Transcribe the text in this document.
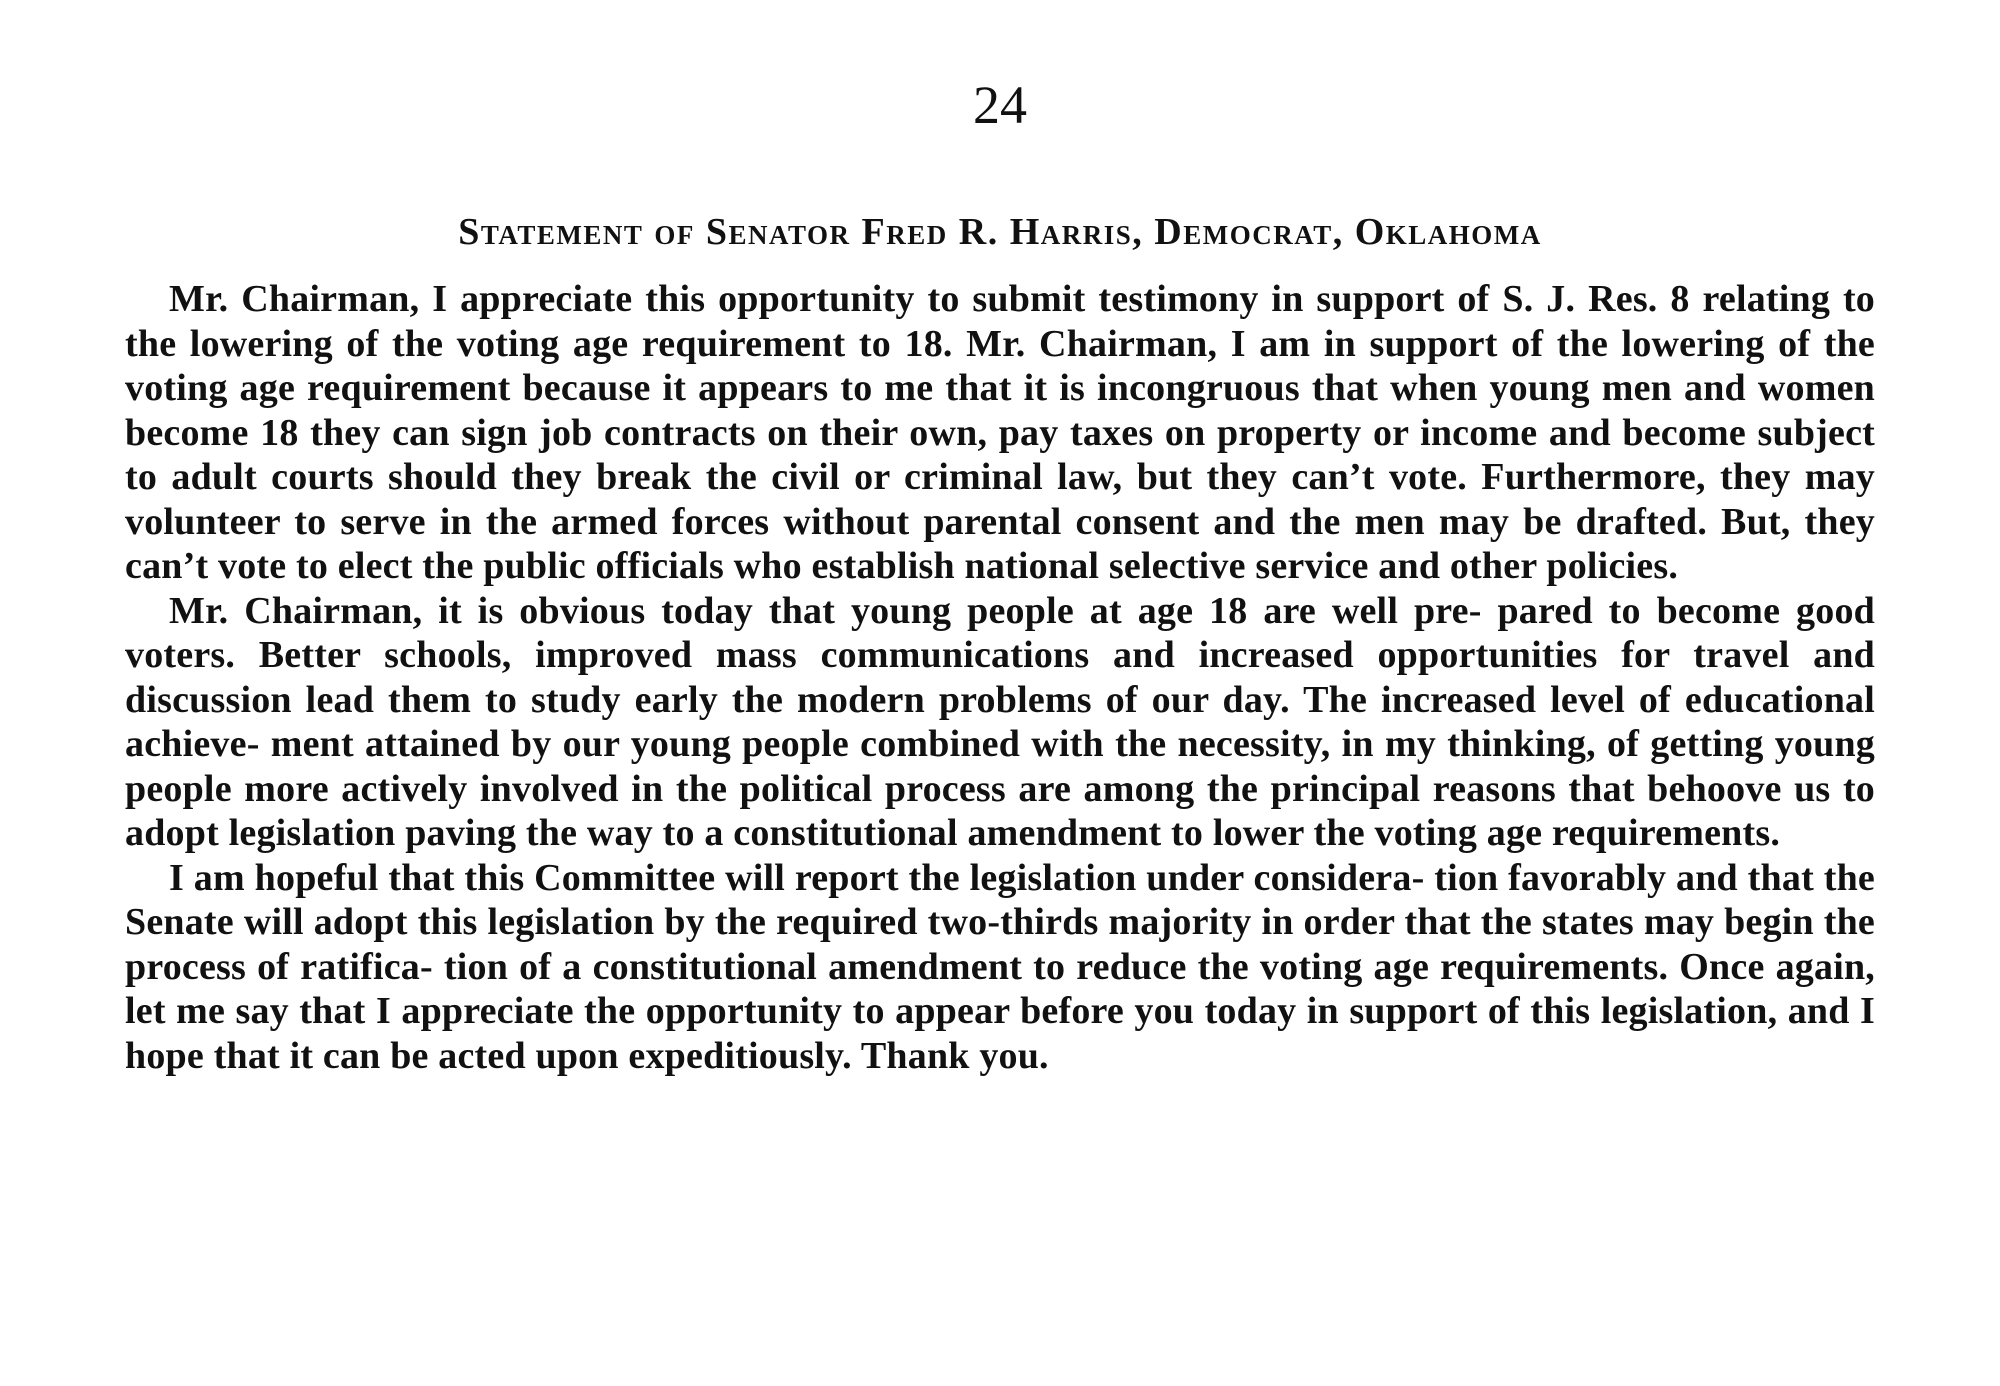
24
Statement of Senator Fred R. Harris, Democrat, Oklahoma

Mr. Chairman, I appreciate this opportunity to submit testimony in support of S. J. Res. 8 relating to the lowering of the voting age requirement to 18. Mr. Chairman, I am in support of the lowering of the voting age requirement because it appears to me that it is incongruous that when young men and women become 18 they can sign job contracts on their own, pay taxes on property or income and become subject to adult courts should they break the civil or criminal law, but they can’t vote. Furthermore, they may volunteer to serve in the armed forces without parental consent and the men may be drafted. But, they can’t vote to elect the public officials who establish national selective service and other policies.

Mr. Chairman, it is obvious today that young people at age 18 are well pre- pared to become good voters. Better schools, improved mass communications and increased opportunities for travel and discussion lead them to study early the modern problems of our day. The increased level of educational achieve- ment attained by our young people combined with the necessity, in my thinking, of getting young people more actively involved in the political process are among the principal reasons that behoove us to adopt legislation paving the way to a constitutional amendment to lower the voting age requirements.

I am hopeful that this Committee will report the legislation under considera- tion favorably and that the Senate will adopt this legislation by the required two-thirds majority in order that the states may begin the process of ratifica- tion of a constitutional amendment to reduce the voting age requirements. Once again, let me say that I appreciate the opportunity to appear before you today in support of this legislation, and I hope that it can be acted upon expeditiously. Thank you.
